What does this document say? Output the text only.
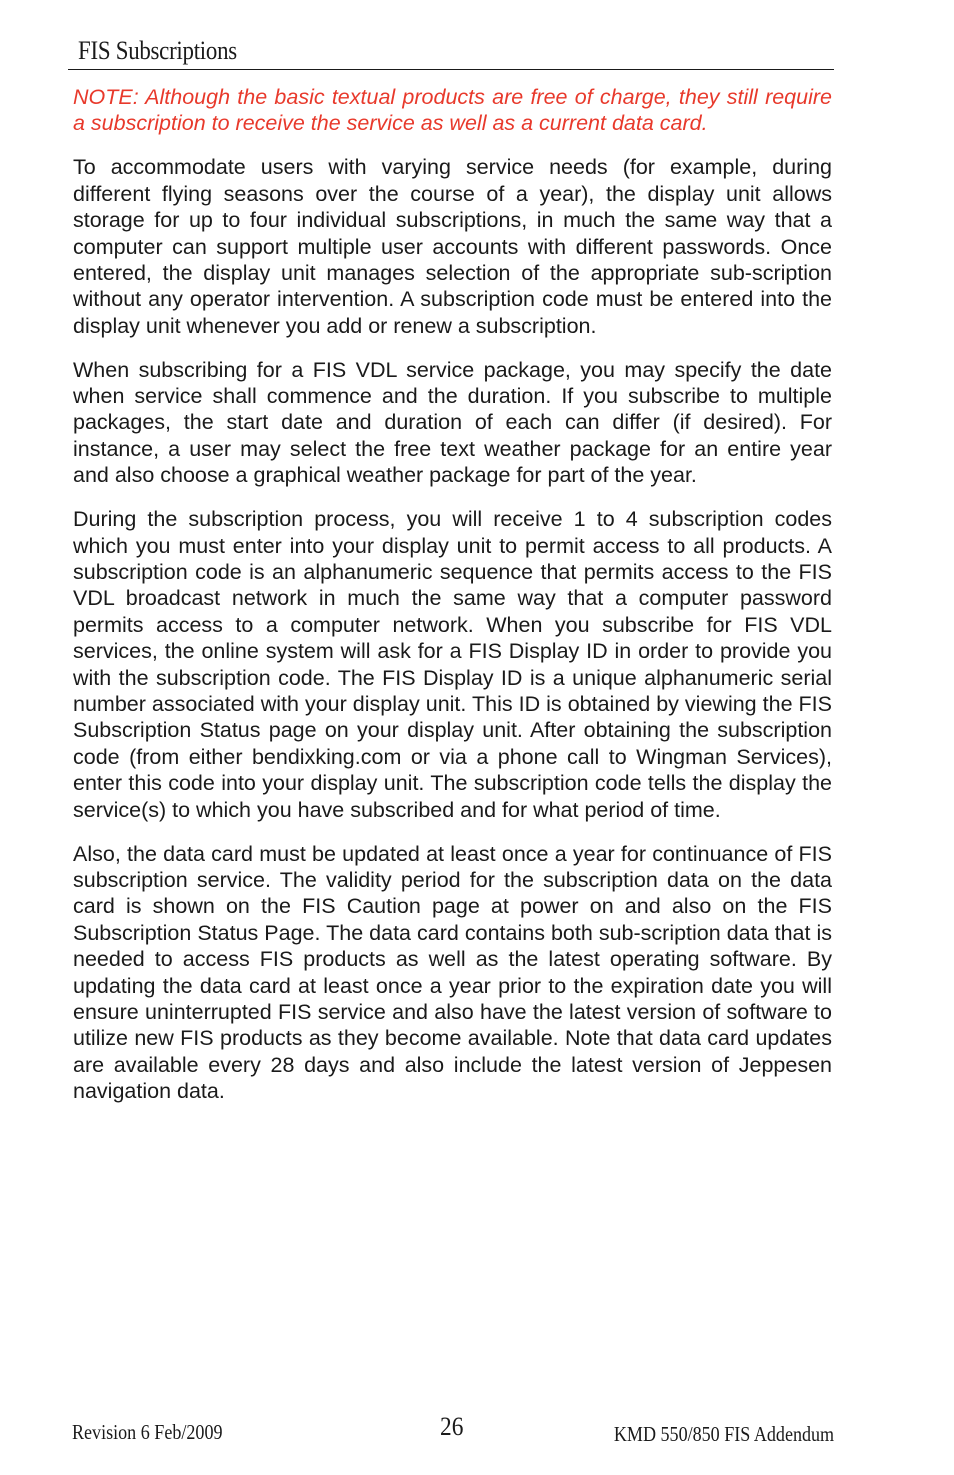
FIS Subscriptions

NOTE: Although the basic textual products are free of charge, they still require a subscription to receive the service as well as a current data card.

To accommodate users with varying service needs (for example, during different flying seasons over the course of a year), the display unit allows storage for up to four individual subscriptions, in much the same way that a computer can support multiple user accounts with different passwords. Once entered, the display unit manages selection of the appropriate sub-scription without any operator intervention. A subscription code must be entered into the display unit whenever you add or renew a subscription.

When subscribing for a FIS VDL service package, you may specify the date when service shall commence and the duration. If you subscribe to multiple packages, the start date and duration of each can differ (if desired). For instance, a user may select the free text weather package for an entire year and also choose a graphical weather package for part of the year.

During the subscription process, you will receive 1 to 4 subscription codes which you must enter into your display unit to permit access to all products. A subscription code is an alphanumeric sequence that permits access to the FIS VDL broadcast network in much the same way that a computer password permits access to a computer network. When you subscribe for FIS VDL services, the online system will ask for a FIS Display ID in order to provide you with the subscription code. The FIS Display ID is a unique alphanumeric serial number associated with your display unit. This ID is obtained by viewing the FIS Subscription Status page on your display unit. After obtaining the subscription code (from either bendixking.com or via a phone call to Wingman Services), enter this code into your display unit. The subscription code tells the display the service(s) to which you have subscribed and for what period of time.

Also, the data card must be updated at least once a year for continuance of FIS subscription service. The validity period for the subscription data on the data card is shown on the FIS Caution page at power on and also on the FIS Subscription Status Page. The data card contains both sub-scription data that is needed to access FIS products as well as the latest operating software. By updating the data card at least once a year prior to the expiration date you will ensure uninterrupted FIS service and also have the latest version of software to utilize new FIS products as they become available. Note that data card updates are available every 28 days and also include the latest version of Jeppesen navigation data.

Revision 6 Feb/2009	26	KMD 550/850 FIS Addendum
